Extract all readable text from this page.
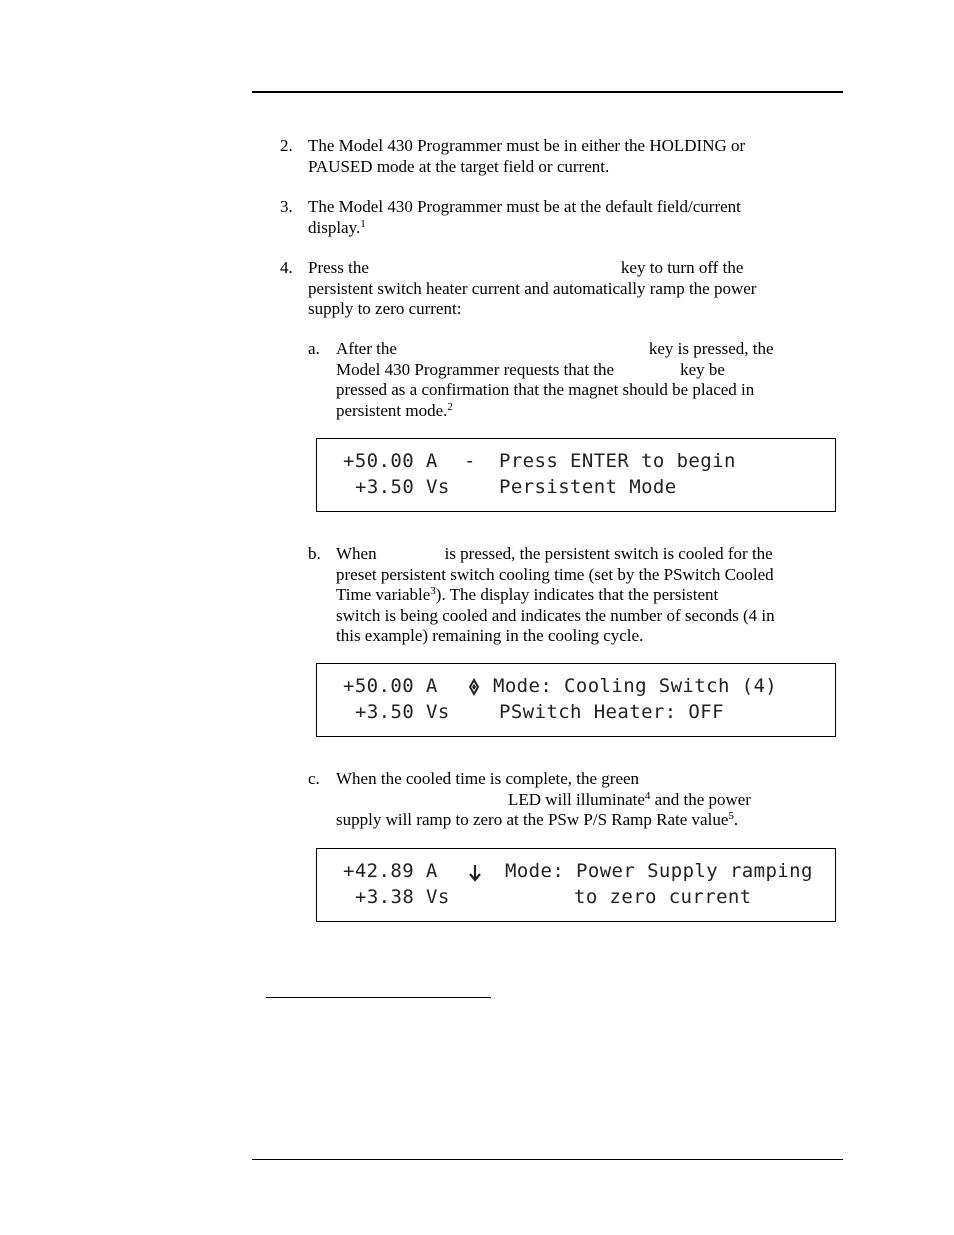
2. The Model 430 Programmer must be in either the HOLDING or
PAUSED mode at the target field or current.
3. The Model 430 Programmer must be at the default field/current
display.$^1$
4. Press the	key to turn off the
persistent switch heater current and automatically ramp the power
supply to zero current:
a. After the	key is pressed, the
Model 430 Programmer requests that the	key be
pressed as a confirmation that the magnet should be placed in
persistent mode.$^2$
+50.00 A - Press ENTER to begin
+3.50 Vs	Persistent Mode
b. When	is pressed, the persistent switch is cooled for the
preset persistent switch cooling time (set by the PSwitch Cooled
Time variable$^3$). The display indicates that the persistent
switch is being cooled and indicates the number of seconds (4 in
this example) remaining in the cooling cycle.
+50.00 A	Mode: Cooling Switch (4)
+3.50 Vs	PSwitch Heater: OFF
c. When the cooled time is complete, the green
LED will illuminate$^4$ and the power
supply will ramp to zero at the PSw P/S Ramp Rate value$^5$.
+42.89 A	Mode: Power Supply ramping
+3.38 Vs	to zero current
